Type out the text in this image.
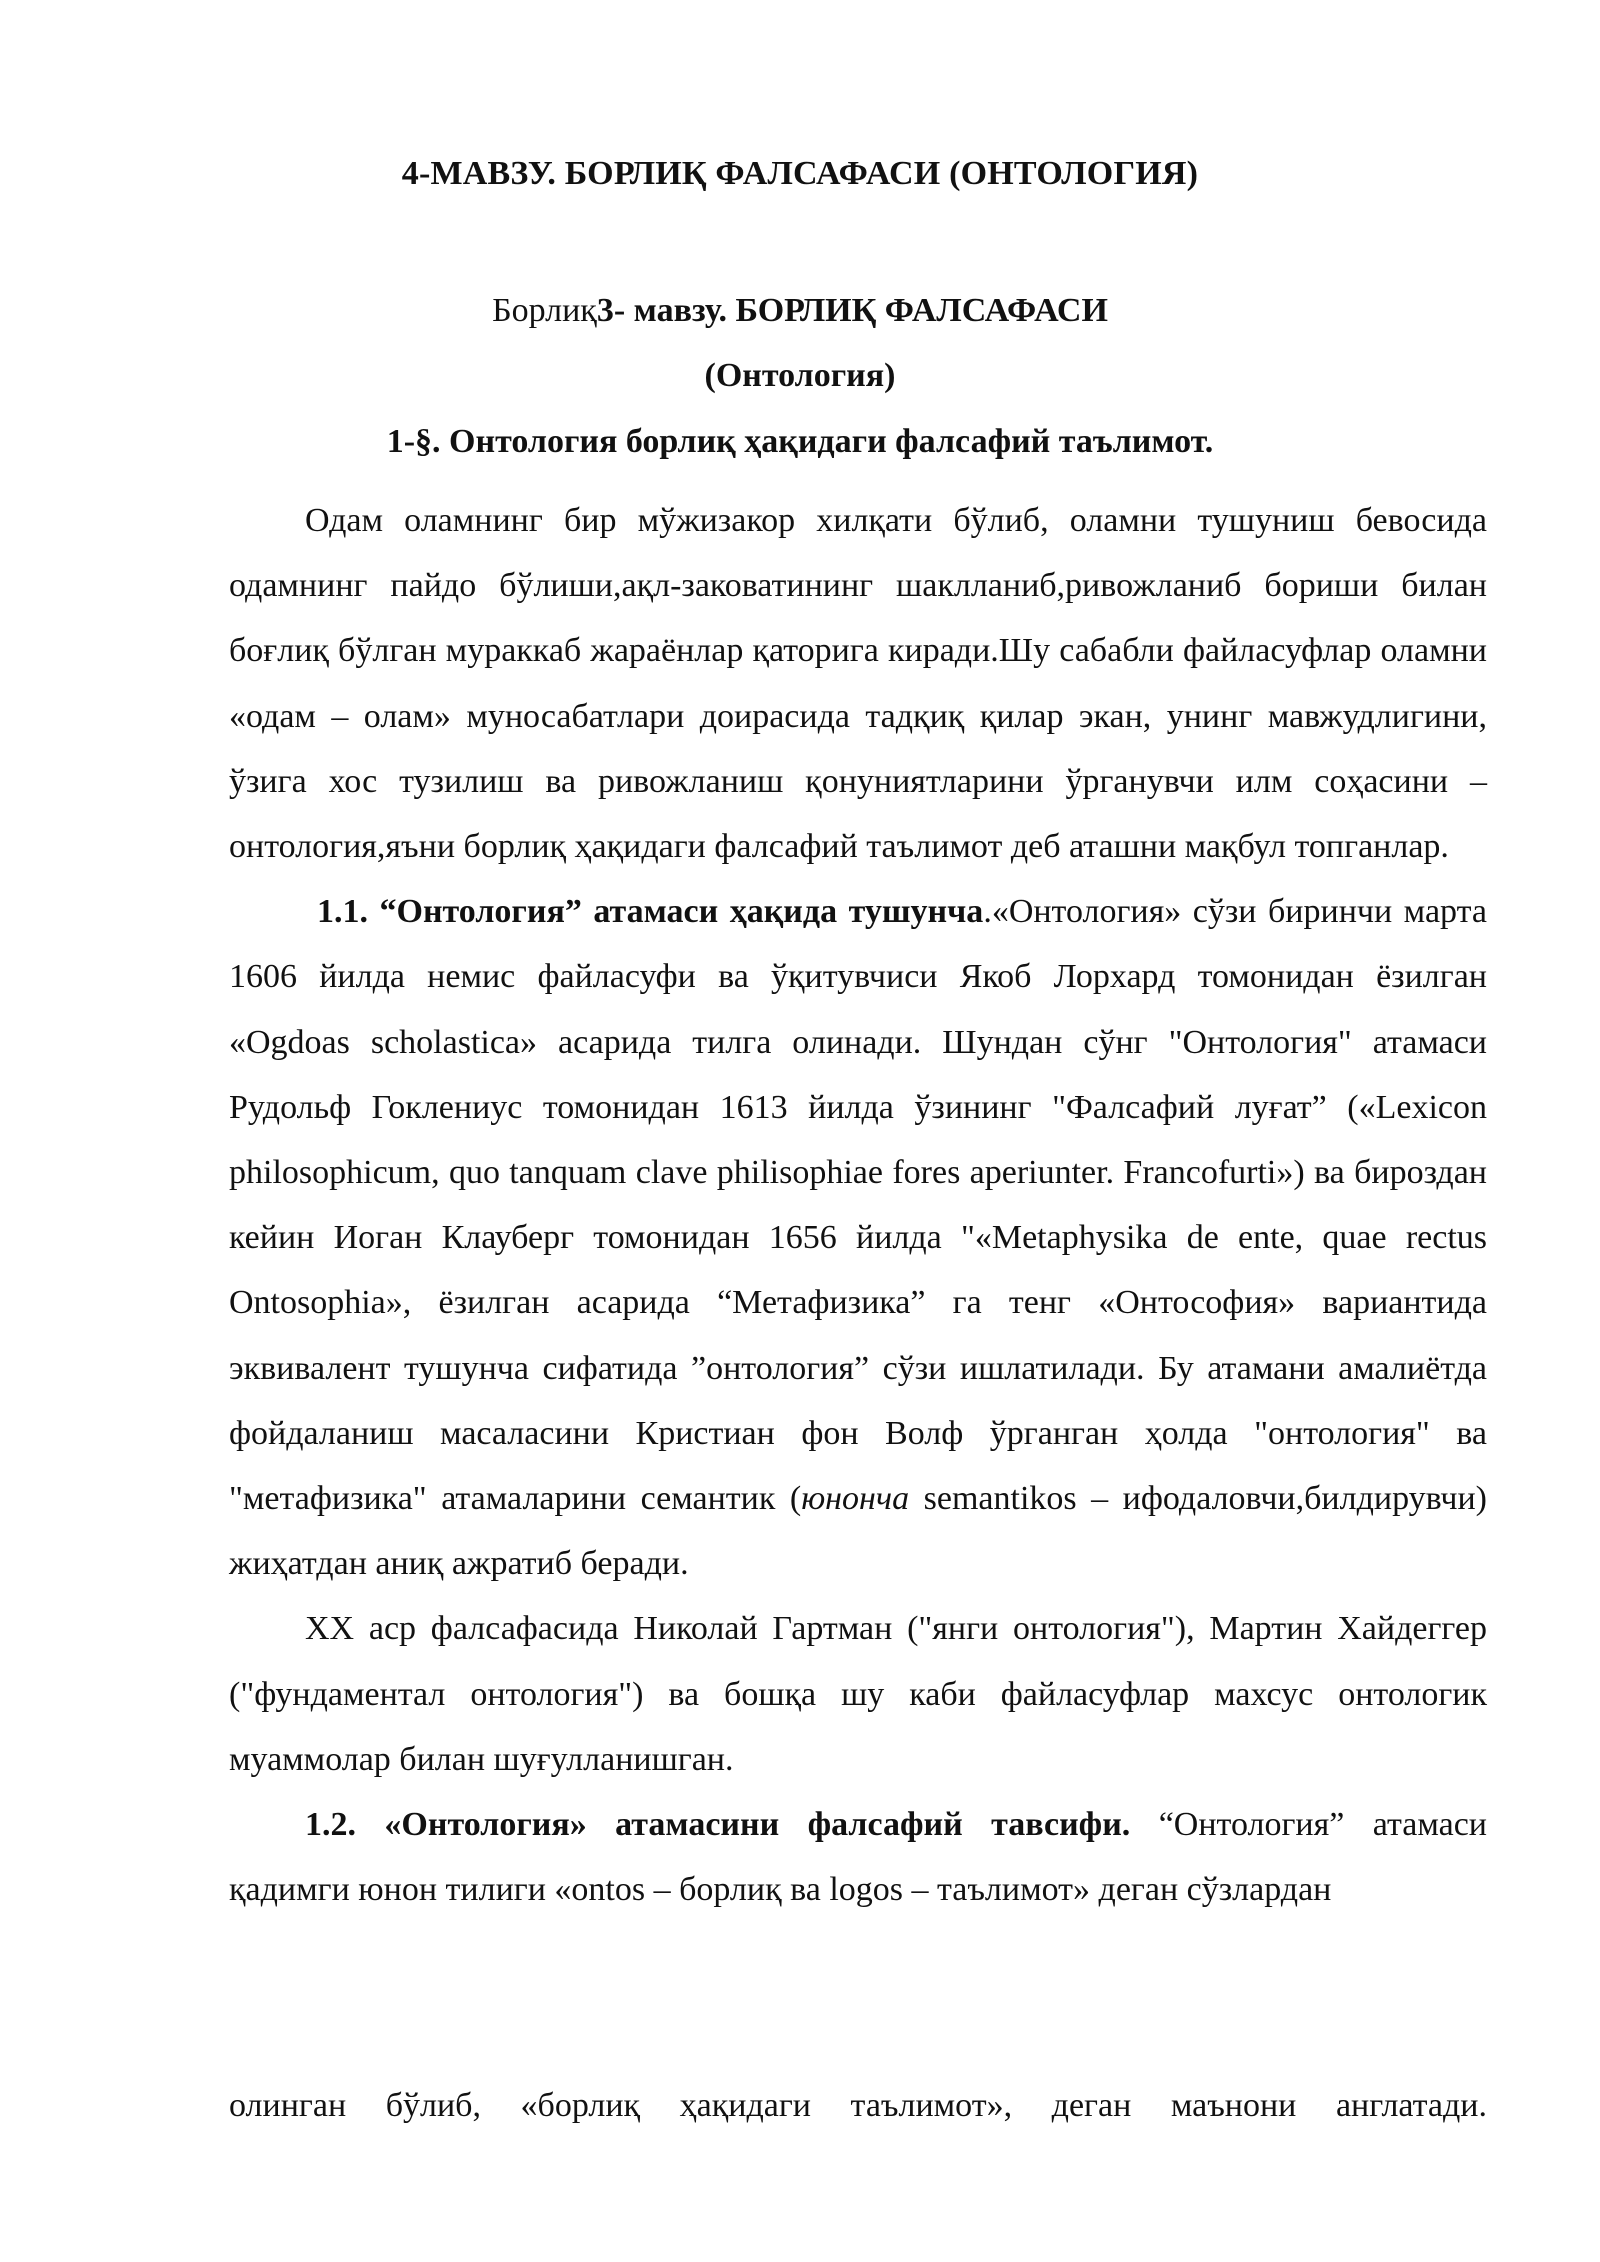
4-МАВЗУ. БОРЛИҚ ФАЛСАФАСИ (ОНТОЛОГИЯ)
Борлиқ3- мавзу. БОРЛИҚ ФАЛСАФАСИ
(Онтология)
1-§. Онтология борлиқ ҳақидаги фалсафий таълимот.

Одам оламнинг бир мўжизакор хилқати бўлиб, оламни тушуниш бевосида одамнинг пайдо бўлиши,ақл-заковатининг шаклланиб,ривожланиб бориши билан боғлиқ бўлган мураккаб жараёнлар қаторига киради.Шу сабабли файласуфлар оламни «одам – олам» муносабатлари доирасида тадқиқ қилар экан, унинг мавжудлигини, ўзига хос тузилиш ва ривожланиш қонуниятларини ўрганувчи илм соҳасини – онтология,яъни борлиқ ҳақидаги фалсафий таълимот деб аташни мақбул топганлар.

1.1. “Онтология” атамаси ҳақида тушунча.«Онтология» сўзи биринчи марта 1606 йилда немис файласуфи ва ўқитувчиси Якоб Лорхард томонидан ёзилган «Ogdoas scholastica» асарида тилга олинади. Шундан сўнг "Онтология" атамаси Рудольф Гоклениус томонидан 1613 йилда ўзининг "Фалсафий луғат” («Lexicon philosophicum, quo tanquam clave philisophiae fores aperiunter. Francofurti») ва бироздан кейин Иоган Клауберг томонидан 1656 йилда "«Metaphysika de ente, quae rectus Ontosophia», ёзилган асарида “Метафизика” га тенг «Онтософия» вариантида эквивалент тушунча сифатида ”онтология” сўзи ишлатилади. Бу атамани амалиётда фойдаланиш масаласини Кристиан фон Волф ўрганган ҳолда "онтология" ва "метафизика" атамаларини семантик (юнонча semantikos – ифодаловчи,билдирувчи) жиҳатдан аниқ ажратиб беради.

XX аср фалсафасида Николай Гартман ("янги онтология"), Мартин Хайдеггер ("фундаментал онтология") ва бошқа шу каби файласуфлар махсус онтологик муаммолар билан шуғулланишган.

1.2. «Онтология» атамасини фалсафий тавсифи. “Онтология” атамаси қадимги юнон тилиги «ontos – борлиқ ва logos – таълимот» деган сўзлардан

олинган бўлиб, «борлиқ ҳақидаги таълимот», деган маънони англатади.
